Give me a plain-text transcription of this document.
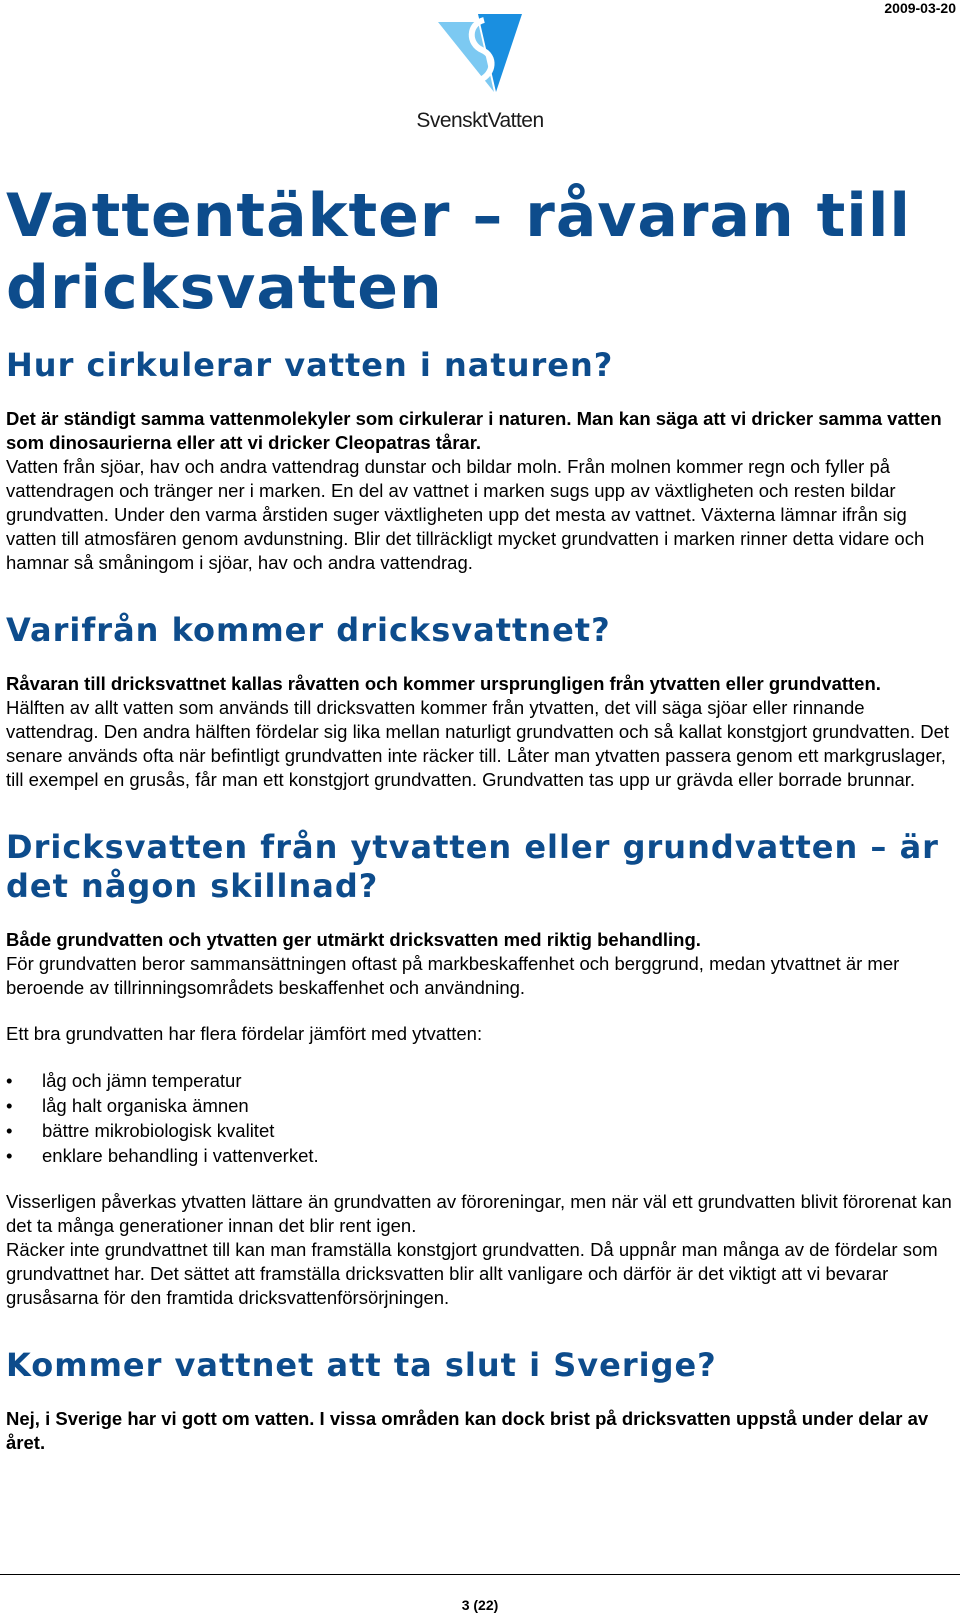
2009-03-20
SvensktVatten
Vattentäkter – råvaran till dricksvatten
Hur cirkulerar vatten i naturen?

Det är ständigt samma vattenmolekyler som cirkulerar i naturen. Man kan säga att vi dricker samma vatten som dinosaurierna eller att vi dricker Cleopatras tårar.

Vatten från sjöar, hav och andra vattendrag dunstar och bildar moln. Från molnen kommer regn och fyller på vattendragen och tränger ner i marken. En del av vattnet i marken sugs upp av växtligheten och resten bildar grundvatten. Under den varma årstiden suger växtligheten upp det mesta av vattnet. Växterna lämnar ifrån sig vatten till atmosfären genom avdunstning. Blir det tillräckligt mycket grundvatten i marken rinner detta vidare och hamnar så småningom i sjöar, hav och andra vattendrag.

Varifrån kommer dricksvattnet?

Råvaran till dricksvattnet kallas råvatten och kommer ursprungligen från ytvatten eller grundvatten.

Hälften av allt vatten som används till dricksvatten kommer från ytvatten, det vill säga sjöar eller rinnande vattendrag. Den andra hälften fördelar sig lika mellan naturligt grundvatten och så kallat konstgjort grundvatten. Det senare används ofta när befintligt grundvatten inte räcker till. Låter man ytvatten passera genom ett markgruslager, till exempel en grusås, får man ett konstgjort grundvatten. Grundvatten tas upp ur grävda eller borrade brunnar.

Dricksvatten från ytvatten eller grundvatten – är det någon skillnad?

Både grundvatten och ytvatten ger utmärkt dricksvatten med riktig behandling.

För grundvatten beror sammansättningen oftast på markbeskaffenhet och berggrund, medan ytvattnet är mer beroende av tillrinningsområdets beskaffenhet och användning.

Ett bra grundvatten har flera fördelar jämfört med ytvatten:

• låg och jämn temperatur
• låg halt organiska ämnen
• bättre mikrobiologisk kvalitet
• enklare behandling i vattenverket.

Visserligen påverkas ytvatten lättare än grundvatten av föroreningar, men när väl ett grundvatten blivit förorenat kan det ta många generationer innan det blir rent igen.

Räcker inte grundvattnet till kan man framställa konstgjort grundvatten. Då uppnår man många av de fördelar som grundvattnet har. Det sättet att framställa dricksvatten blir allt vanligare och därför är det viktigt att vi bevarar grusåsarna för den framtida dricksvattenförsörjningen.

Kommer vattnet att ta slut i Sverige?

Nej, i Sverige har vi gott om vatten. I vissa områden kan dock brist på dricksvatten uppstå under delar av året.

3 (22)
